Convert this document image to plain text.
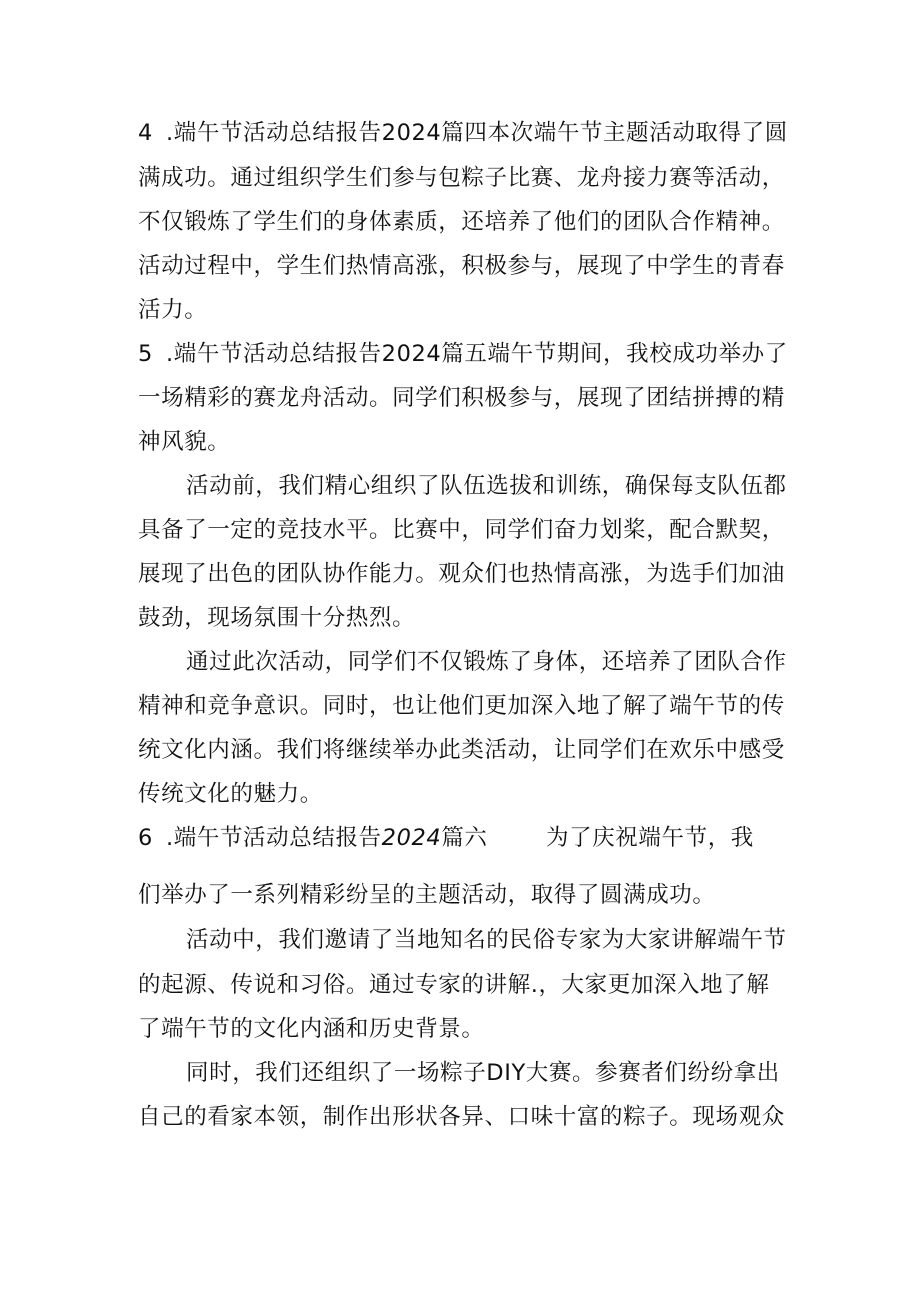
4 .端午节活动总结报告2024篇四本次端午节主题活动取得了圆
满成功。通过组织学生们参与包粽子比赛、龙舟接力赛等活动，
不仅锻炼了学生们的身体素质，还培养了他们的团队合作精神。
活动过程中，学生们热情高涨，积极参与，展现了中学生的青春
活力。
5 .端午节活动总结报告2024篇五端午节期间，我校成功举办了
一场精彩的赛龙舟活动。同学们积极参与，展现了团结拼搏的精
神风貌。
活动前，我们精心组织了队伍选拔和训练，确保每支队伍都
具备了一定的竞技水平。比赛中，同学们奋力划桨，配合默契，
展现了出色的团队协作能力。观众们也热情高涨，为选手们加油
鼓劲，现场氛围十分热烈。
通过此次活动，同学们不仅锻炼了身体，还培养了团队合作
精神和竞争意识。同时，也让他们更加深入地了解了端午节的传
统文化内涵。我们将继续举办此类活动，让同学们在欢乐中感受
传统文化的魅力。
6 .端午节活动总结报告2024篇六	为了庆祝端午节，我
们举办了一系列精彩纷呈的主题活动，取得了圆满成功。
活动中，我们邀请了当地知名的民俗专家为大家讲解端午节
的起源、传说和习俗。通过专家的讲解.，大家更加深入地了解
了端午节的文化内涵和历史背景。
同时，我们还组织了一场粽子DIY大赛。参赛者们纷纷拿出
自己的看家本领，制作出形状各异、口味十富的粽子。现场观众
